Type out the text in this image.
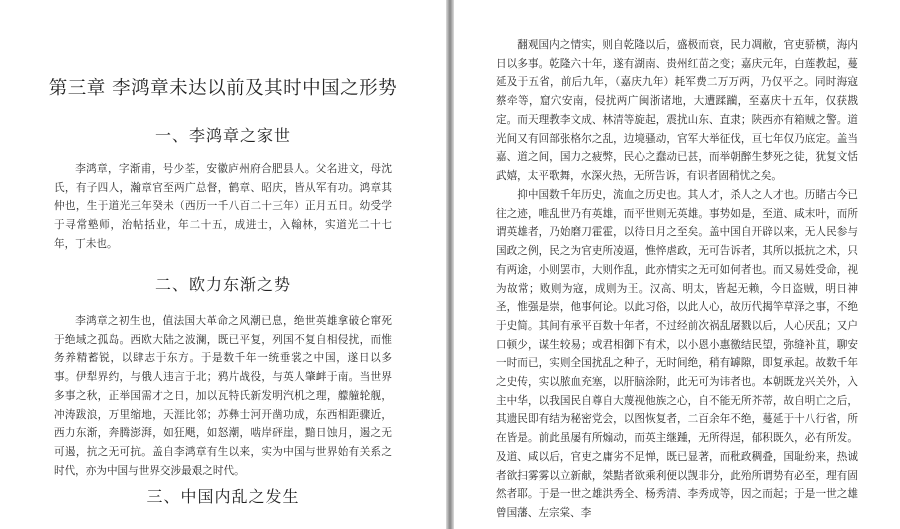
第三章 李鸿章未达以前及其时中国之形势
一、李鸿章之家世

李鸿章，字渐甫，号少荃，安徽庐州府合肥县人。父名进文，母沈氏，有子四人，瀚章官至两广总督，鹤章、昭庆，皆从军有功。鸿章其仲也，生于道光三年癸未（西历一千八百二十三年）正月五日。幼受学于寻常塾师，治帖括业，年二十五，成进士，入翰林，实道光二十七年，丁未也。

二、欧力东渐之势

李鸿章之初生也，值法国大革命之风潮已息，绝世英雄拿破仑窜死于绝域之孤岛。西欧大陆之波澜，既已平复，列国不复自相侵扰，而惟务养精蓄锐，以肆志于东方。于是数千年一统垂裳之中国，遂日以多事。伊犁界约，与俄人违言于北；鸦片战役，与英人肇衅于南。当世界多事之秋，正举国需才之日，加以瓦特氏新发明汽机之理，艨艟轮舰，冲涛跋浪，万里缩地，天涯比邻；苏彝士河开凿功成，东西相距骤近，西力东渐，奔腾澎湃，如狂飓，如怒潮，啮岸砰崖，黯日蚀月，遏之无可遏，抗之无可抗。盖自李鸿章有生以来，实为中国与世界始有关系之时代，亦为中国与世界交涉最艰之时代。

三、中国内乱之发生

翻观国内之情实，则自乾隆以后，盛极而衰，民力凋敝，官吏骄横，海内日以多事。乾隆六十年，遂有湖南、贵州红苗之变；嘉庆元年，白莲教起，蔓延及于五省，前后九年，（嘉庆九年）耗军费二万万两，乃仅平之。同时海寇蔡牵等，窟穴安南，侵扰两广闽浙诸地，大遭蹂躏，至嘉庆十五年，仅获戡定。而天理教李文成、林清等旋起，震扰山东、直隶；陕西亦有箱贼之警。道光间又有回部张格尔之乱，边境骚动，官军大举征伐，亘七年仅乃底定。盖当嘉、道之间，国力之疲弊，民心之蠢动已甚，而举朝醉生梦死之徒，犹复文恬武嬉，太平歌舞，水深火热，无所告诉，有识者固稍忧之矣。

抑中国数千年历史，流血之历史也。其人才，杀人之人才也。历睹古今已往之迹，唯乱世乃有英雄，而平世则无英雄。事势如是，至道、咸末叶，而所谓英雄者，乃始磨刀霍霍，以待日月之至矣。盖中国自开辟以来，无人民参与国政之例，民之为官吏所凌逼，憔悴虐政，无可告诉者，其所以抵抗之术，只有两途，小则罢市，大则作乱，此亦情实之无可如何者也。而又易姓受命，视为故常；败则为寇，成则为王。汉高、明太，皆起无赖，今日盗贼，明日神圣，惟强是崇，他事何论。以此习俗，以此人心，故历代揭竿草泽之事，不绝于史简。其间有承平百数十年者，不过经前次祸乱屠戮以后，人心厌乱；又户口顿少，谋生较易；或君相御下有术，以小恩小惠徼结民望，弥缝补苴，聊安一时而已，实则全国扰乱之种子，无时间绝，稍有罅隙，即复承起。故数千年之史传，实以脓血充塞，以肝脑涂附，此无可为讳者也。本朝既龙兴关外，入主中华，以我国民自尊自大蔑视他族之心，自不能无所芥蒂，故自明亡之后，其遗民即有结为秘密党会，以图恢复者，二百余年不绝，蔓延于十八行省，所在皆是。前此虽屡有所煽动，而英主继踵，无所得逞，郁积既久，必有所发。及道、咸以后，官吏之庸劣不足惮，既已显著，而秕政稠叠，国耻纷来，热诚者欲扫雾雾以立新献，桀黠者欲乘利便以觊非分，此殆所谓势有必至，理有固然者耶。于是一世之雄洪秀全、杨秀清、李秀成等，因之而起；于是一世之雄曾国藩、左宗棠、李
